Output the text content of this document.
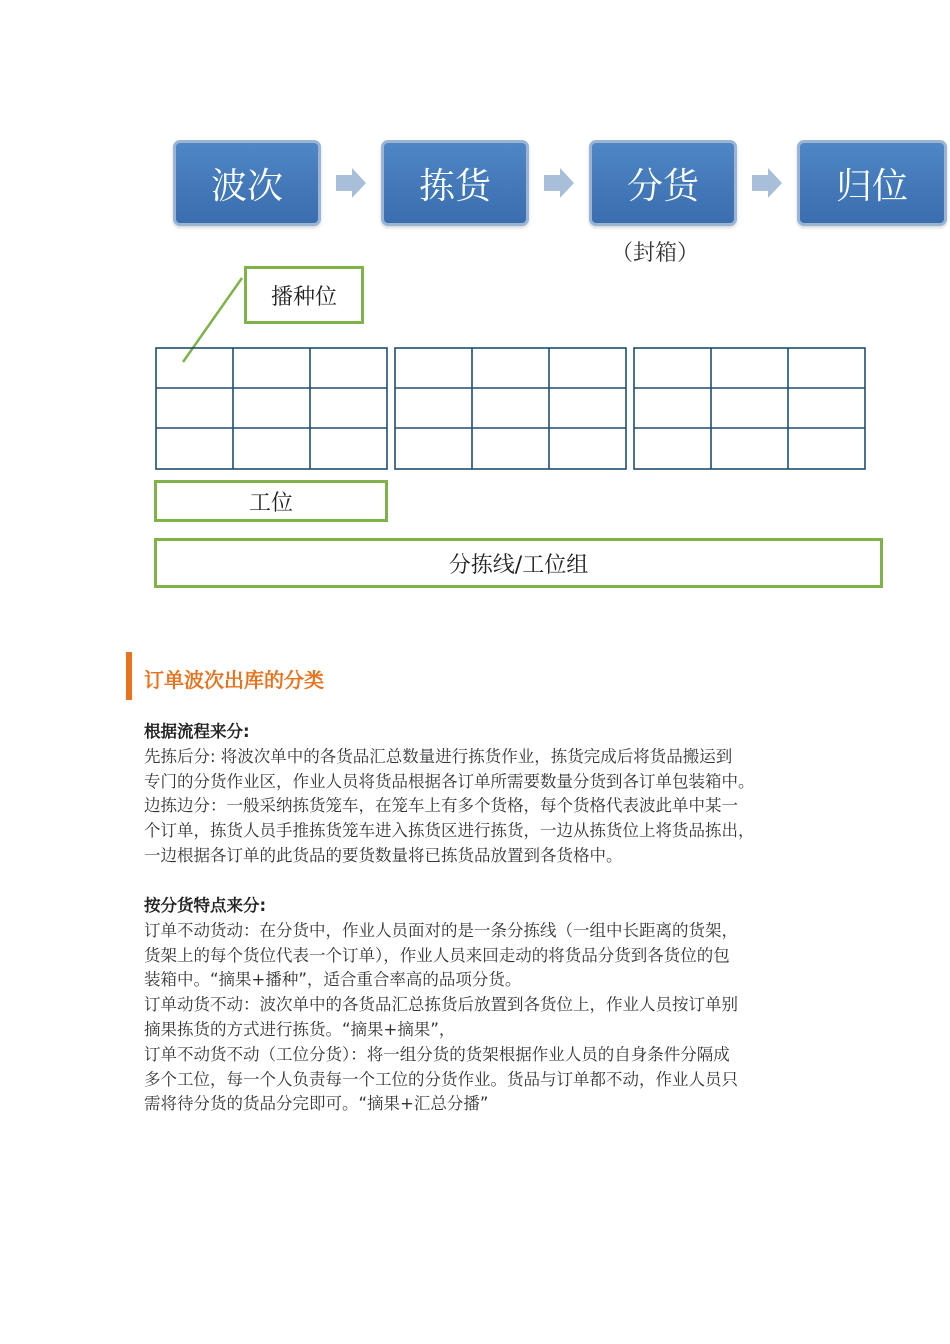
波次	拣货	分货	归位
（封箱）
播种位
工位
分拣线/工位组
订单波次出库的分类

根据流程来分:

先拣后分: 将波次单中的各货品汇总数量进行拣货作业，拣货完成后将货品搬运到

专门的分货作业区，作业人员将货品根据各订单所需要数量分货到各订单包装箱中。

边拣边分：一般采纳拣货笼车，在笼车上有多个货格，每个货格代表波此单中某一

个订单，拣货人员手推拣货笼车进入拣货区进行拣货，一边从拣货位上将货品拣出，

一边根据各订单的此货品的要货数量将已拣货品放置到各货格中。

按分货特点来分:

订单不动货动：在分货中，作业人员面对的是一条分拣线（一组中长距离的货架，

货架上的每个货位代表一个订单），作业人员来回走动的将货品分货到各货位的包

装箱中。“摘果+播种”，适合重合率高的品项分货。

订单动货不动：波次单中的各货品汇总拣货后放置到各货位上，作业人员按订单别

摘果拣货的方式进行拣货。“摘果+摘果”，

订单不动货不动（工位分货）：将一组分货的货架根据作业人员的自身条件分隔成

多个工位，每一个人负责每一个工位的分货作业。货品与订单都不动，作业人员只

需将待分货的货品分完即可。“摘果+汇总分播”
